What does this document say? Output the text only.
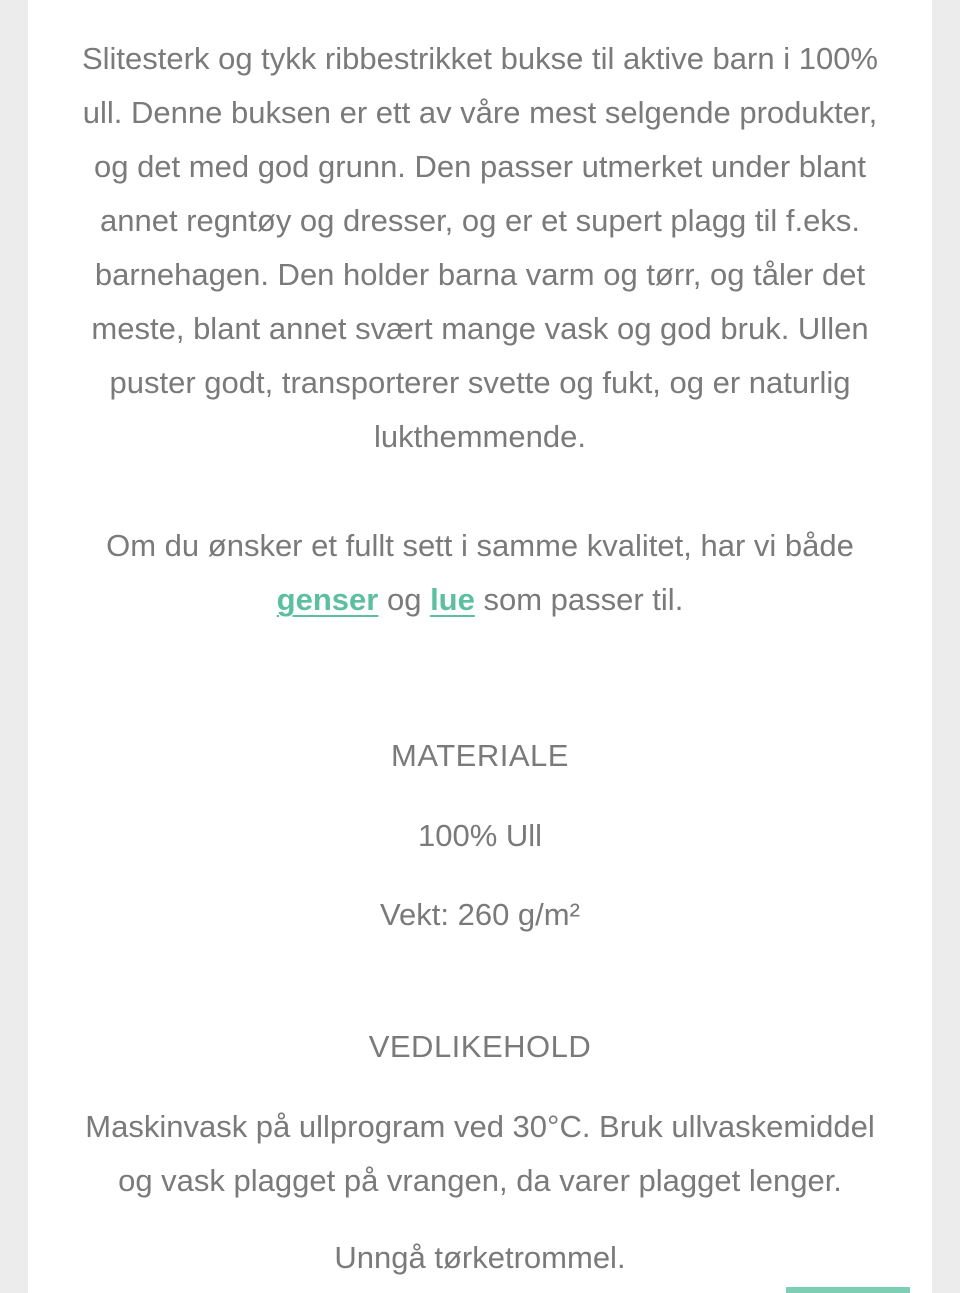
Slitesterk og tykk ribbestrikket bukse til aktive barn i 100% ull. Denne buksen er ett av våre mest selgende produkter, og det med god grunn. Den passer utmerket under blant annet regntøy og dresser, og er et supert plagg til f.eks. barnehagen. Den holder barna varm og tørr, og tåler det meste, blant annet svært mange vask og god bruk. Ullen puster godt, transporterer svette og fukt, og er naturlig lukthemmende.

Om du ønsker et fullt sett i samme kvalitet, har vi både genser og lue som passer til.

MATERIALE
100% Ull
Vekt: 260 g/m²
VEDLIKEHOLD

Maskinvask på ullprogram ved 30°C. Bruk ullvaskemiddel og vask plagget på vrangen, da varer plagget lenger.

Unngå tørketrommel.
